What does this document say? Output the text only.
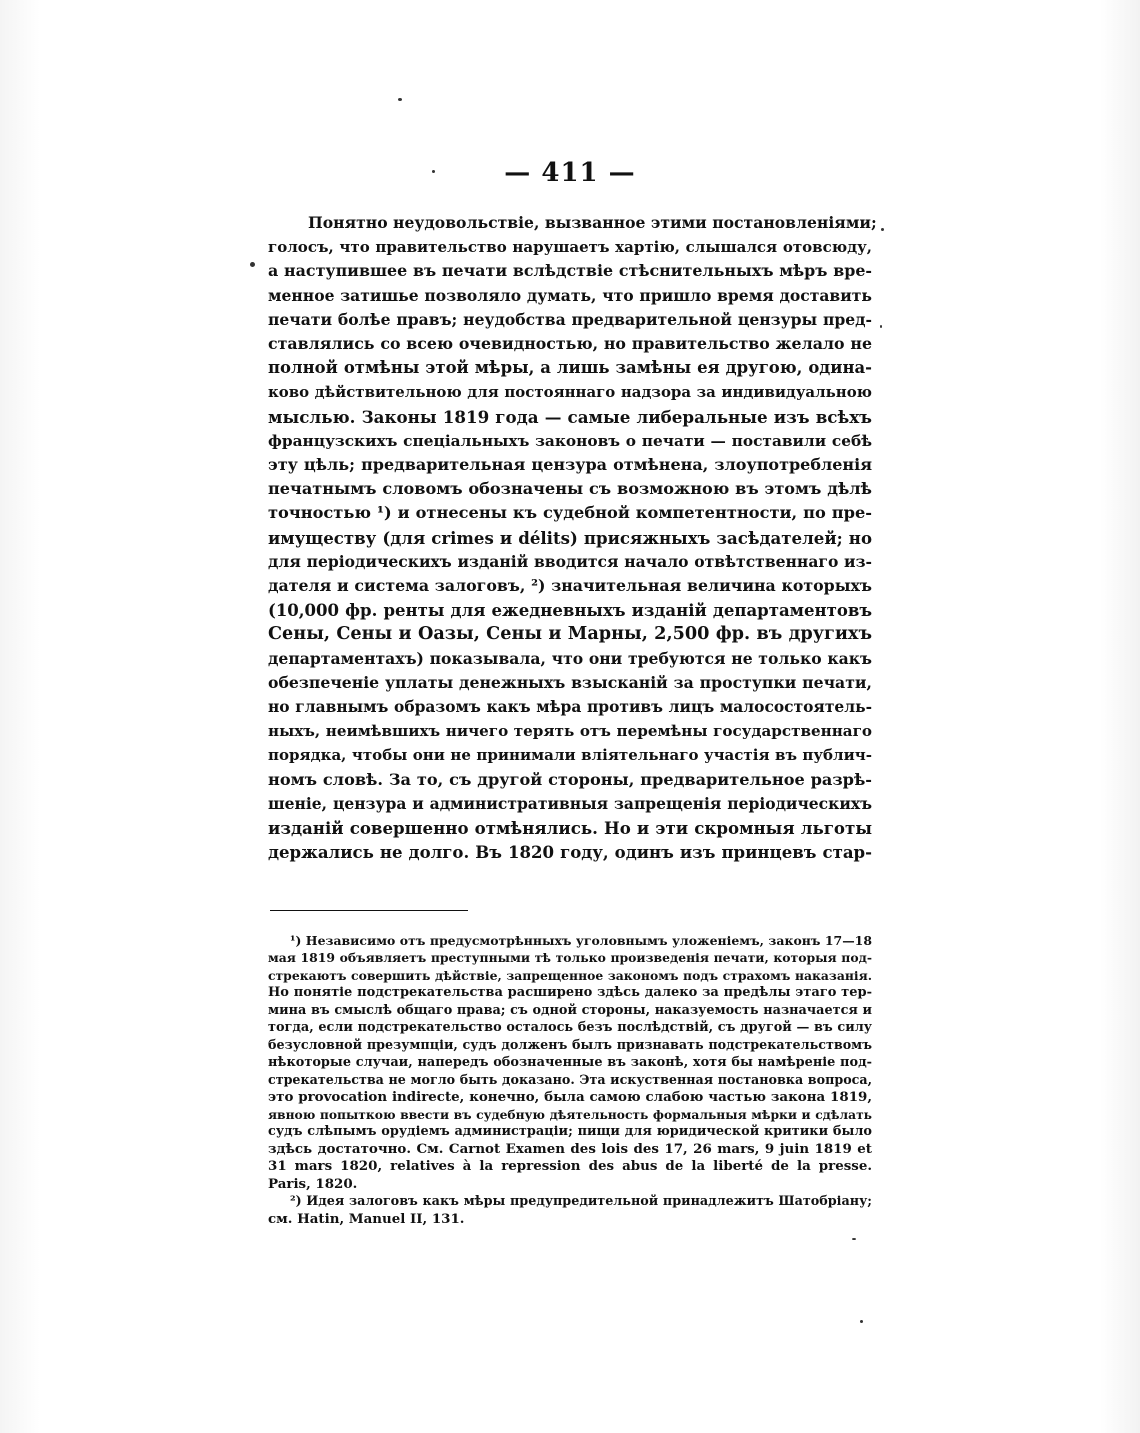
— 411 —
Понятно неудовольствіе, вызванное этими постановленіями;
голосъ, что правительство нарушаетъ хартію, слышался отовсюду,
а наступившее въ печати вслѣдствіе стѣснительныхъ мѣръ вре-
менное затишье позволяло думать, что пришло время доставить
печати болѣе правъ; неудобства предварительной цензуры пред-
ставлялись со всею очевидностью, но правительство желало не
полной отмѣны этой мѣры, а лишь замѣны ея другою, одина-
ково дѣйствительною для постояннаго надзора за индивидуальною
мыслью. Законы 1819 года — самые либеральные изъ всѣхъ
французскихъ спеціальныхъ законовъ о печати — поставили себѣ
эту цѣль; предварительная цензура отмѣнена, злоупотребленія
печатнымъ словомъ обозначены съ возможною въ этомъ дѣлѣ
точностью ¹) и отнесены къ судебной компетентности, по пре-
имуществу (для crimes и délits) присяжныхъ засѣдателей; но
для періодическихъ изданій вводится начало отвѣтственнаго из-
дателя и система залоговъ, ²) значительная величина которыхъ
(10,000 фр. ренты для ежедневныхъ изданій департаментовъ
Сены, Сены и Оазы, Сены и Марны, 2,500 фр. въ другихъ
департаментахъ) показывала, что они требуются не только какъ
обезпеченіе уплаты денежныхъ взысканій за проступки печати,
но главнымъ образомъ какъ мѣра противъ лицъ малосостоятель-
ныхъ, неимѣвшихъ ничего терять отъ перемѣны государственнаго
порядка, чтобы они не принимали вліятельнаго участія въ публич-
номъ словѣ. За то, съ другой стороны, предварительное разрѣ-
шеніе, цензура и административныя запрещенія періодическихъ
изданій совершенно отмѣнялись. Но и эти скромныя льготы
держались не долго. Въ 1820 году, одинъ изъ принцевъ стар-
¹) Независимо отъ предусмотрѣнныхъ уголовнымъ уложеніемъ, законъ 17—18
мая 1819 объявляетъ преступными тѣ только произведенія печати, которыя под-
стрекаютъ совершить дѣйствіе, запрещенное закономъ подъ страхомъ наказанія.
Но понятіе подстрекательства расширено здѣсь далеко за предѣлы этаго тер-
мина въ смыслѣ общаго права; съ одной стороны, наказуемость назначается и
тогда, если подстрекательство осталось безъ послѣдствій, съ другой — въ силу
безусловной презумпціи, судъ долженъ былъ признавать подстрекательствомъ
нѣкоторые случаи, напередъ обозначенные въ законѣ, хотя бы намѣреніе под-
стрекательства не могло быть доказано. Эта искуственная постановка вопроса,
это provocation indirecte, конечно, была самою слабою частью закона 1819,
явною попыткою ввести въ судебную дѣятельность формальныя мѣрки и сдѣлать
судъ слѣпымъ орудіемъ администраціи; пищи для юридической критики было
здѣсь достаточно. См. Carnot Examen des lois des 17, 26 mars, 9 juin 1819 et
31 mars 1820, relatives à la repression des abus de la liberté de la presse.
Paris, 1820.
²) Идея залоговъ какъ мѣры предупредительной принадлежитъ Шатобріану;
см. Hatin, Manuel II, 131.
